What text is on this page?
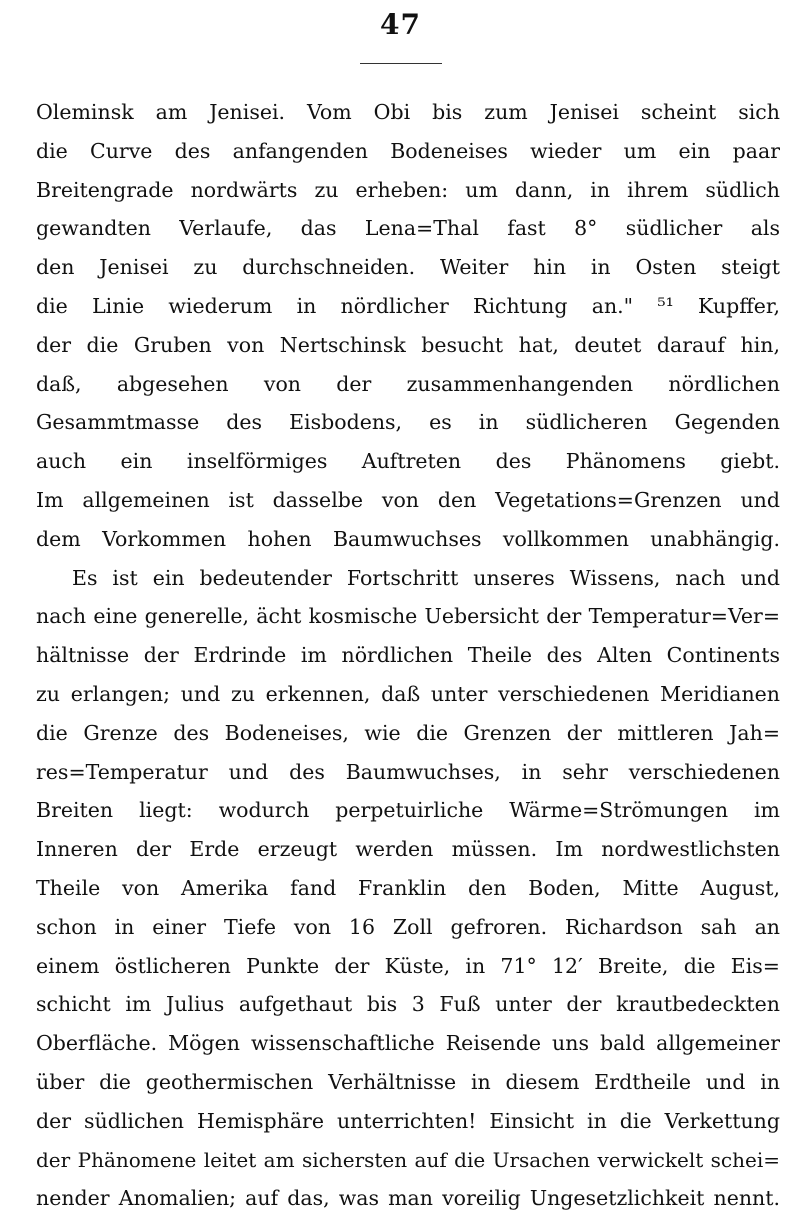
47
Oleminsk am Jenisei. Vom Obi bis zum Jenisei scheint sich
die Curve des anfangenden Bodeneises wieder um ein paar
Breitengrade nordwärts zu erheben: um dann, in ihrem südlich
gewandten Verlaufe, das Lena=Thal fast 8° südlicher als
den Jenisei zu durchschneiden. Weiter hin in Osten steigt
die Linie wiederum in nördlicher Richtung an." ⁵¹ Kupffer,
der die Gruben von Nertschinsk besucht hat, deutet darauf hin,
daß, abgesehen von der zusammenhangenden nördlichen
Gesammtmasse des Eisbodens, es in südlicheren Gegenden
auch ein inselförmiges Auftreten des Phänomens giebt.
Im allgemeinen ist dasselbe von den Vegetations=Grenzen und
dem Vorkommen hohen Baumwuchses vollkommen unabhängig.
Es ist ein bedeutender Fortschritt unseres Wissens, nach und
nach eine generelle, ächt kosmische Uebersicht der Temperatur=Ver=
hältnisse der Erdrinde im nördlichen Theile des Alten Continents
zu erlangen; und zu erkennen, daß unter verschiedenen Meridianen
die Grenze des Bodeneises, wie die Grenzen der mittleren Jah=
res=Temperatur und des Baumwuchses, in sehr verschiedenen
Breiten liegt: wodurch perpetuirliche Wärme=Strömungen im
Inneren der Erde erzeugt werden müssen. Im nordwestlichsten
Theile von Amerika fand Franklin den Boden, Mitte August,
schon in einer Tiefe von 16 Zoll gefroren. Richardson sah an
einem östlicheren Punkte der Küste, in 71° 12′ Breite, die Eis=
schicht im Julius aufgethaut bis 3 Fuß unter der krautbedeckten
Oberfläche. Mögen wissenschaftliche Reisende uns bald allgemeiner
über die geothermischen Verhältnisse in diesem Erdtheile und in
der südlichen Hemisphäre unterrichten! Einsicht in die Verkettung
der Phänomene leitet am sichersten auf die Ursachen verwickelt schei=
nender Anomalien; auf das, was man voreilig Ungesetzlichkeit nennt.
